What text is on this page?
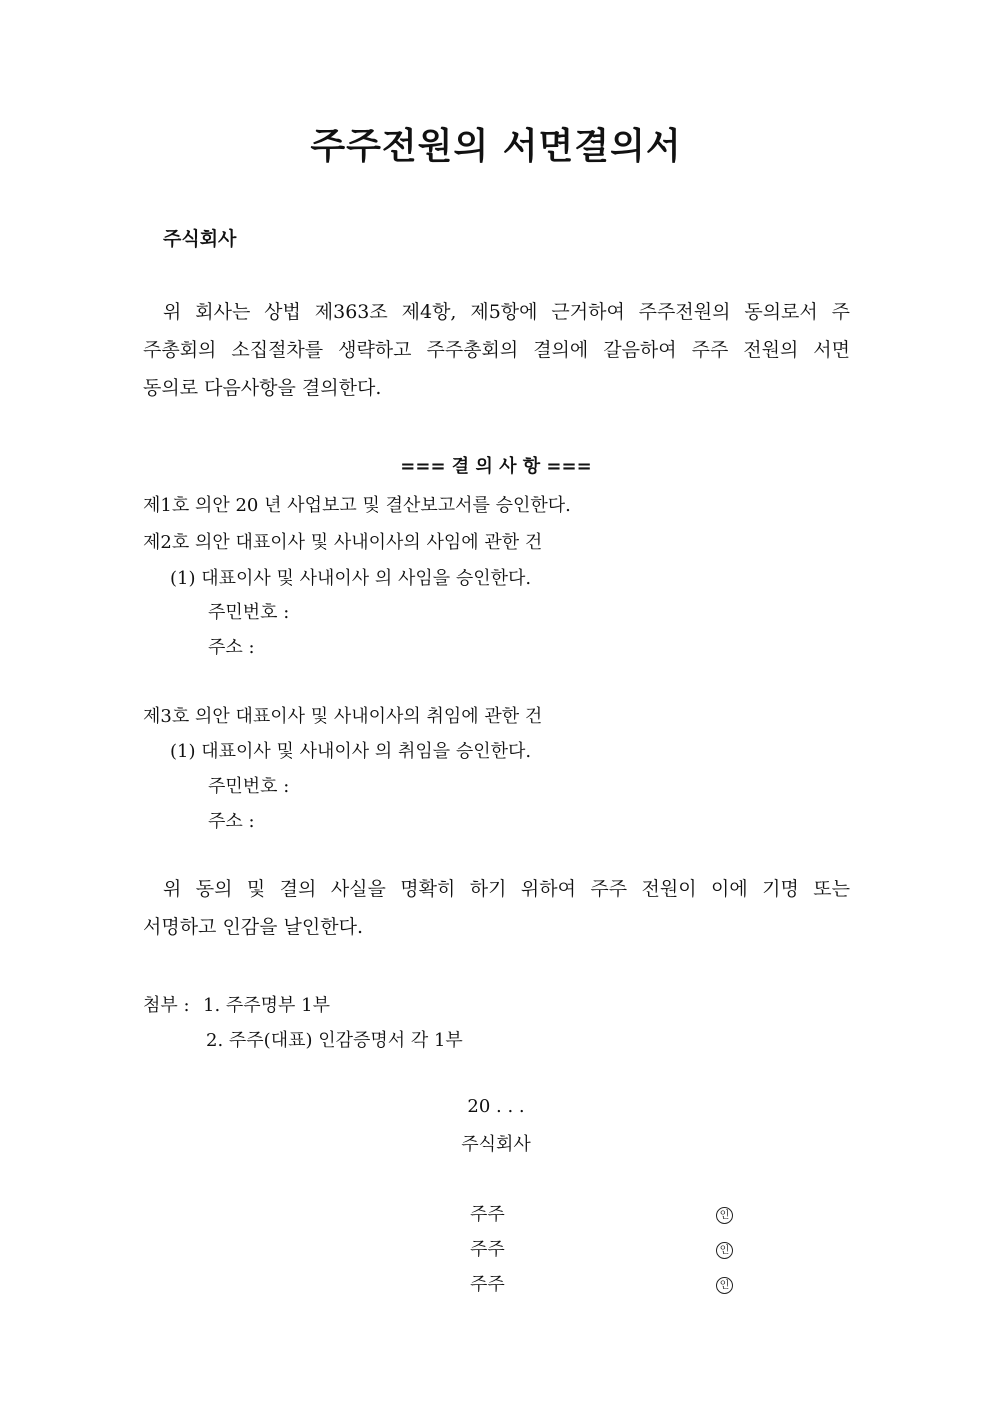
주주전원의 서면결의서
주식회사
위 회사는 상법 제363조 제4항, 제5항에 근거하여 주주전원의 동의로서 주
주총회의 소집절차를 생략하고 주주총회의 결의에 갈음하여 주주 전원의 서면
동의로 다음사항을 결의한다.
=== 결 의 사 항 ===
제1호 의안 20 년 사업보고 및 결산보고서를 승인한다.
제2호 의안 대표이사 및 사내이사의 사임에 관한 건
(1) 대표이사 및 사내이사 의 사임을 승인한다.
주민번호 :
주소 :
제3호 의안 대표이사 및 사내이사의 취임에 관한 건
(1) 대표이사 및 사내이사 의 취임을 승인한다.
주민번호 :
주소 :
위 동의 및 결의 사실을 명확히 하기 위하여 주주 전원이 이에 기명 또는
서명하고 인감을 날인한다.
첨부 : 1. 주주명부 1부
2. 주주(대표) 인감증명서 각 1부
20 . . .
주식회사
주주	인
주주	인
주주	인
